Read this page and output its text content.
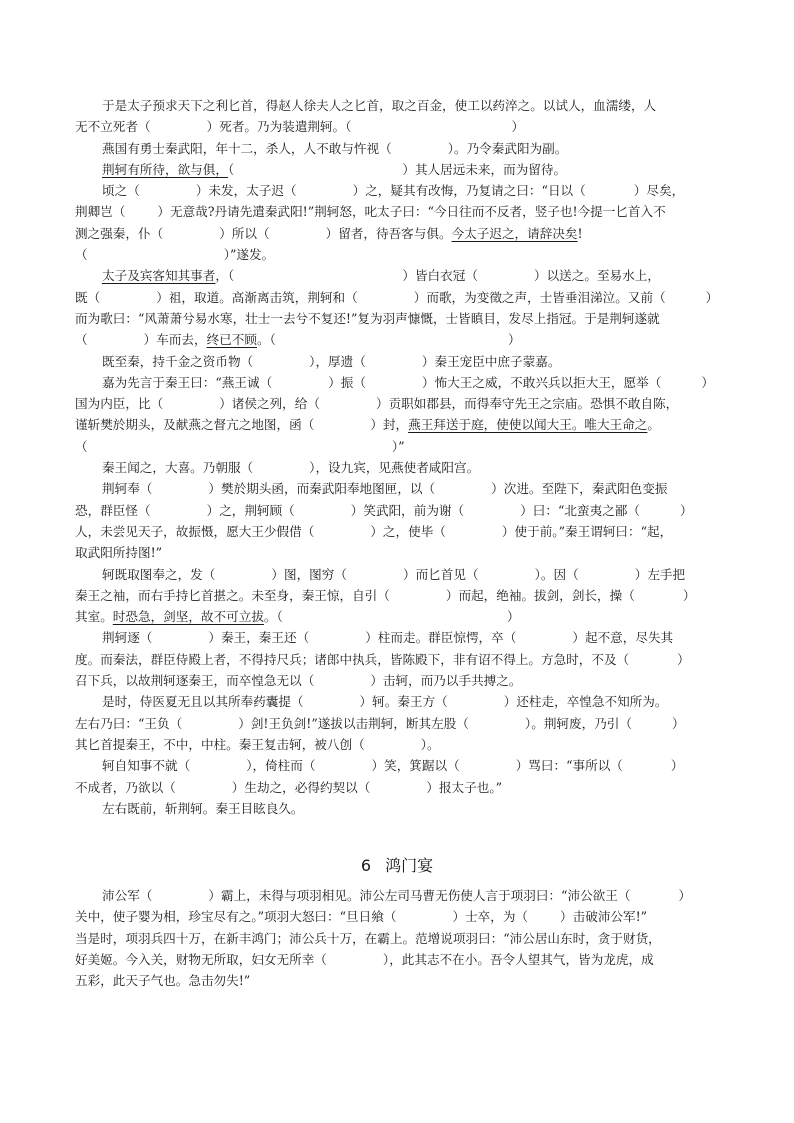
于是太子预求天下之利匕首，得赵人徐夫人之匕首，取之百金，使工以药淬之。以试人，血濡缕，人
无不立死者（              ）死者。乃为装遣荆轲。（                                        ）
燕国有勇士秦武阳，年十二，杀人，人不敢与忤视（              ）。乃令秦武阳为副。
荆轲有所待，欲与俱，（                                          ）其人居远未来，而为留待。
顷之（              ）未发，太子迟（              ）之，疑其有改悔，乃复请之曰：“日以（            ）尽矣，
荆卿岂（        ）无意哉?丹请先遣秦武阳!”荆轲怒，叱太子曰：“今日往而不反者，竖子也!今提一匕首入不
测之强秦，仆（              ）所以（              ）留者，待吾客与俱。今太子迟之，请辞决矣!
（                                  ）”遂发。
太子及宾客知其事者，（                                          ）皆白衣冠（              ）以送之。至易水上，
既（              ）祖，取道。高渐离击筑，荆轲和（              ）而歌，为变徵之声，士皆垂泪涕泣。又前（          ）
而为歌曰：“风萧萧兮易水寒，壮士一去兮不复还!”复为羽声慷慨，士皆瞋目，发尽上指冠。于是荆轲遂就
（              ）车而去，终已不顾。（                                                          ）
既至秦，持千金之资币物（              ），厚遗（              ）秦王宠臣中庶子蒙嘉。
嘉为先言于秦王曰：“燕王诚（              ）振（              ）怖大王之威，不敢兴兵以拒大王，愿举（          ）
国为内臣，比（              ）诸侯之列，给（              ）贡职如郡县，而得奉守先王之宗庙。恐惧不敢自陈，
谨斩樊於期头，及献燕之督亢之地图，函（              ）封，燕王拜送于庭，使使以闻大王。唯大王命之。
（                                                                            ）”
秦王闻之，大喜。乃朝服（              ），设九宾，见燕使者咸阳宫。
荆轲奉（              ）樊於期头函，而秦武阳奉地图匣，以（              ）次进。至陛下，秦武阳色变振
恐，群臣怪（              ）之，荆轲顾（              ）笑武阳，前为谢（              ）曰：“北蛮夷之鄙（          ）
人，未尝见天子，故振慑，愿大王少假借（              ）之，使毕（              ）使于前。”秦王谓轲曰：“起，
取武阳所持图!”
轲既取图奉之，发（              ）图，图穷（              ）而匕首见（              ）。因（              ）左手把
秦王之袖，而右手持匕首揕之。未至身，秦王惊，自引（              ）而起，绝袖。拔剑，剑长，操（            ）
其室。时恐急，剑坚，故不可立拔。（                                                        ）
荆轲逐（              ）秦王，秦王还（              ）柱而走。群臣惊愕，卒（              ）起不意，尽失其
度。而秦法，群臣侍殿上者，不得持尺兵；诸郎中执兵，皆陈殿下，非有诏不得上。方急时，不及（            ）
召下兵，以故荆轲逐秦王，而卒惶急无以（              ）击轲，而乃以手共搏之。
是时，侍医夏无且以其所奉药囊提（              ）轲。秦王方（              ）还柱走，卒惶急不知所为。
左右乃曰：“王负（              ）剑!王负剑!”遂拔以击荆轲，断其左股（              ）。荆轲废，乃引（          ）
其匕首提秦王，不中，中柱。秦王复击轲，被八创（              ）。
轲自知事不就（              ），倚柱而（              ）笑，箕踞以（              ）骂曰：“事所以（            ）
不成者，乃欲以（              ）生劫之，必得约契以（              ）报太子也。”
左右既前，斩荆轲。秦王目眩良久。
6 鸿门宴
沛公军（              ）霸上，未得与项羽相见。沛公左司马曹无伤使人言于项羽曰：“沛公欲王（            ）
关中，使子婴为相，珍宝尽有之。”项羽大怒曰：“旦日飨（              ）士卒，为（        ）击破沛公军!”
当是时，项羽兵四十万，在新丰鸿门；沛公兵十万，在霸上。范增说项羽曰：“沛公居山东时，贪于财货，
好美姬。今入关，财物无所取，妇女无所幸（              ），此其志不在小。吾令人望其气，皆为龙虎，成
五彩，此天子气也。急击勿失!”
